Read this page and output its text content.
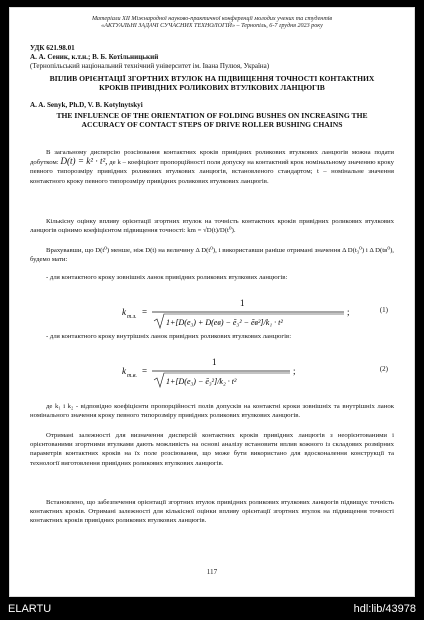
Матеріали XII Міжнародної науково-практичної конференції молодих учених та студентів
«АКТУАЛЬНІ ЗАДАЧІ СУЧАСНИХ ТЕХНОЛОГІЙ» – Тернопіль, 6-7 грудня 2023 року
УДК 621.98.01
А. А. Сеник, к.т.н.; В. Б. Котільницький
(Тернопільський національний технічний університет ім. Івана Пулюя, Україна)
ВПЛИВ ОРІЄНТАЦІЇ ЗГОРТНИХ ВТУЛОК НА ПІДВИЩЕННЯ ТОЧНОСТІ КОНТАКТНИХ КРОКІВ ПРИВІДНИХ РОЛИКОВИХ ВТУЛКОВИХ ЛАНЦЮГІВ
A. A. Senyk, Ph.D, V. B. Kotylnytskyi
THE INFLUENCE OF THE ORIENTATION OF FOLDING BUSHES ON INCREASING THE ACCURACY OF CONTACT STEPS OF DRIVE ROLLER BUSHING CHAINS
В загальному дисперсію розсіювання контактних кроків привідних роликових втулкових ланцюгів можна подати добутком: D(t) = k² · t², де k – коефіцієнт пропорційності поля допуску на контактний крок номінальному значенню кроку певного типорозміру привідних роликових втулкових ланцюгів, встановленого стандартом; t – номінальне значення контактного кроку певного типорозміру привідних роликових втулкових ланцюгів.
Кількісну оцінку впливу орієнтації згортних втулок на точність контактних кроків привідних роликових втулкових ланцюгів оцінимо коефіцієнтом підвищення точності: km = √D(t)/D(t⁰).
Врахувавши, що D(t⁰) менше, ніж D(t) на величину Δ D(t⁰), і використавши раніше отримані значення Δ D(t₃⁰) і Δ D(tв⁰), будемо мати:
- для контактного кроку зовнішніх ланок привідних роликових втулкових ланцюгів:
k m.з. =
1
1+[D(e₃) + D(eв) − ē₃² − ēв²]/k₁ · t²
;	(1)
- для контактного кроку внутрішніх ланок привідних роликових втулкових ланцюгів:
k m.в. =
1
1+[D(e₃) − ē₃²]/k₂ · t²
;	(2)
де k₁ і k₂ - відповідно коефіцієнти пропорційності полів допусків на контактні кроки зовнішніх та внутрішніх ланок номінального значення кроку певного типорозміру привідних роликових втулкових ланцюгів.
Отримані залежності для визначення дисперсій контактних кроків привідних ланцюгів з неорієнтованими і орієнтованими згортними втулками дають можливість на основі аналізу встановити вплив кожного із складових розмірних параметрів контактних кроків на їх поле розсіювання, що може бути використано для вдосконалення конструкції та технології виготовлення привідних роликових втулкових ланцюгів.
Встановлено, що забезпечення орієнтації згортних втулок привідних роликових втулкових ланцюгів підвищує точність контактних кроків. Отримані залежності для кількісної оцінки впливу орієнтації згортних втулок на підвищення точності контактних кроків привідних роликових втулкових ланцюгів.
117
ELARTU	hdl:lib/43978
